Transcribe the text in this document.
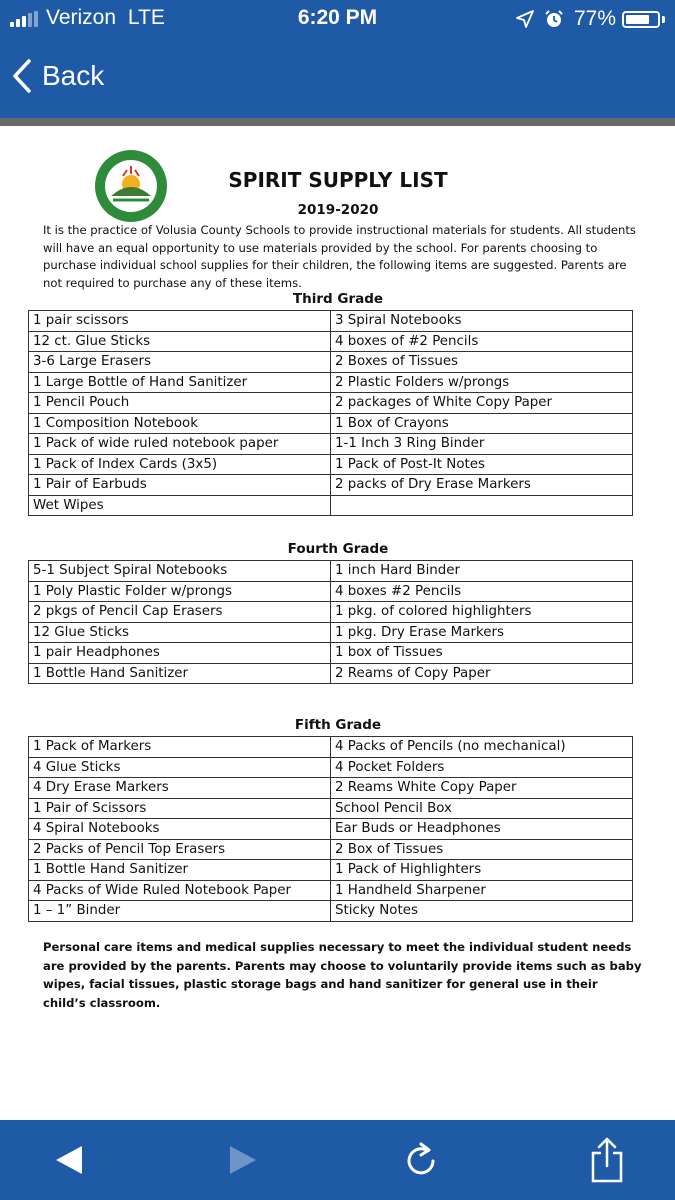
Verizon LTE	6:20 PM	77%
Back
SPIRIT SUPPLY LIST
2019-2020
It is the practice of Volusia County Schools to provide instructional materials for students. All students will have an equal opportunity to use materials provided by the school. For parents choosing to purchase individual school supplies for their children, the following items are suggested. Parents are not required to purchase any of these items.
Third Grade
1 pair scissors	3 Spiral Notebooks
12 ct. Glue Sticks	4 boxes of #2 Pencils
3-6 Large Erasers	2 Boxes of Tissues
1 Large Bottle of Hand Sanitizer	2 Plastic Folders w/prongs
1 Pencil Pouch	2 packages of White Copy Paper
1 Composition Notebook	1 Box of Crayons
1 Pack of wide ruled notebook paper	1-1 Inch 3 Ring Binder
1 Pack of Index Cards (3x5)	1 Pack of Post-It Notes
1 Pair of Earbuds	2 packs of Dry Erase Markers
Wet Wipes	
Fourth Grade
5-1 Subject Spiral Notebooks	1 inch Hard Binder
1 Poly Plastic Folder w/prongs	4 boxes #2 Pencils
2 pkgs of Pencil Cap Erasers	1 pkg. of colored highlighters
12 Glue Sticks	1 pkg. Dry Erase Markers
1 pair Headphones	1 box of Tissues
1 Bottle Hand Sanitizer	2 Reams of Copy Paper
Fifth Grade
1 Pack of Markers	4 Packs of Pencils (no mechanical)
4 Glue Sticks	4 Pocket Folders
4 Dry Erase Markers	2 Reams White Copy Paper
1 Pair of Scissors	School Pencil Box
4 Spiral Notebooks	Ear Buds or Headphones
2 Packs of Pencil Top Erasers	2 Box of Tissues
1 Bottle Hand Sanitizer	1 Pack of Highlighters
4 Packs of Wide Ruled Notebook Paper	1 Handheld Sharpener
1 – 1” Binder	Sticky Notes
Personal care items and medical supplies necessary to meet the individual student needs are provided by the parents. Parents may choose to voluntarily provide items such as baby wipes, facial tissues, plastic storage bags and hand sanitizer for general use in their child’s classroom.
